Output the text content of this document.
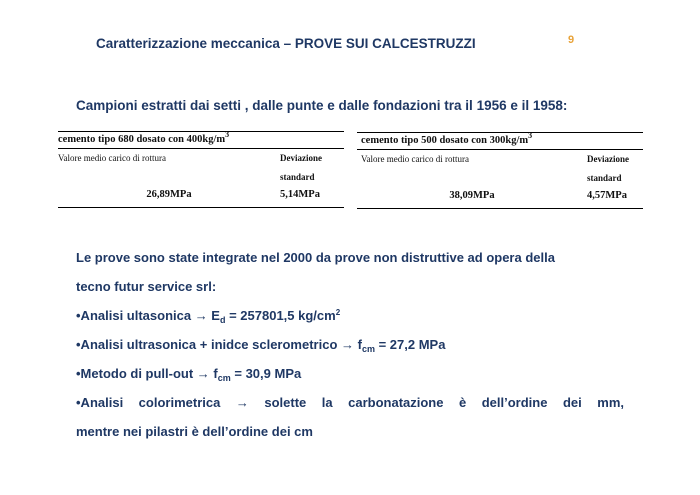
Caratterizzazione meccanica – PROVE SUI CALCESTRUZZI	9
Campioni estratti dai setti , dalle punte e dalle fondazioni tra il 1956 e il 1958:
cemento tipo 680 dosato con $400kg/m^3$
Valore medio carico di rottura	Deviazione
standard
26,89MPa	5,14MPa
cemento tipo 500 dosato con $300kg/m^3$
Valore medio carico di rottura	Deviazione
standard
38,09MPa	4,57MPa

Le prove sono state integrate nel 2000 da prove non distruttive ad opera della

tecno futur service srl:

•Analisi ultasonica → $E_d = 257801,5$ $kg/cm^2$

•Analisi ultrasonica + inidce sclerometrico → $f_{cm} = 27,2$ MPa

•Metodo di pull-out → $f_{cm} = 30,9$ MPa

•Analisi colorimetrica → solette la carbonatazione è dell’ordine dei mm,

mentre nei pilastri è dell’ordine dei cm
